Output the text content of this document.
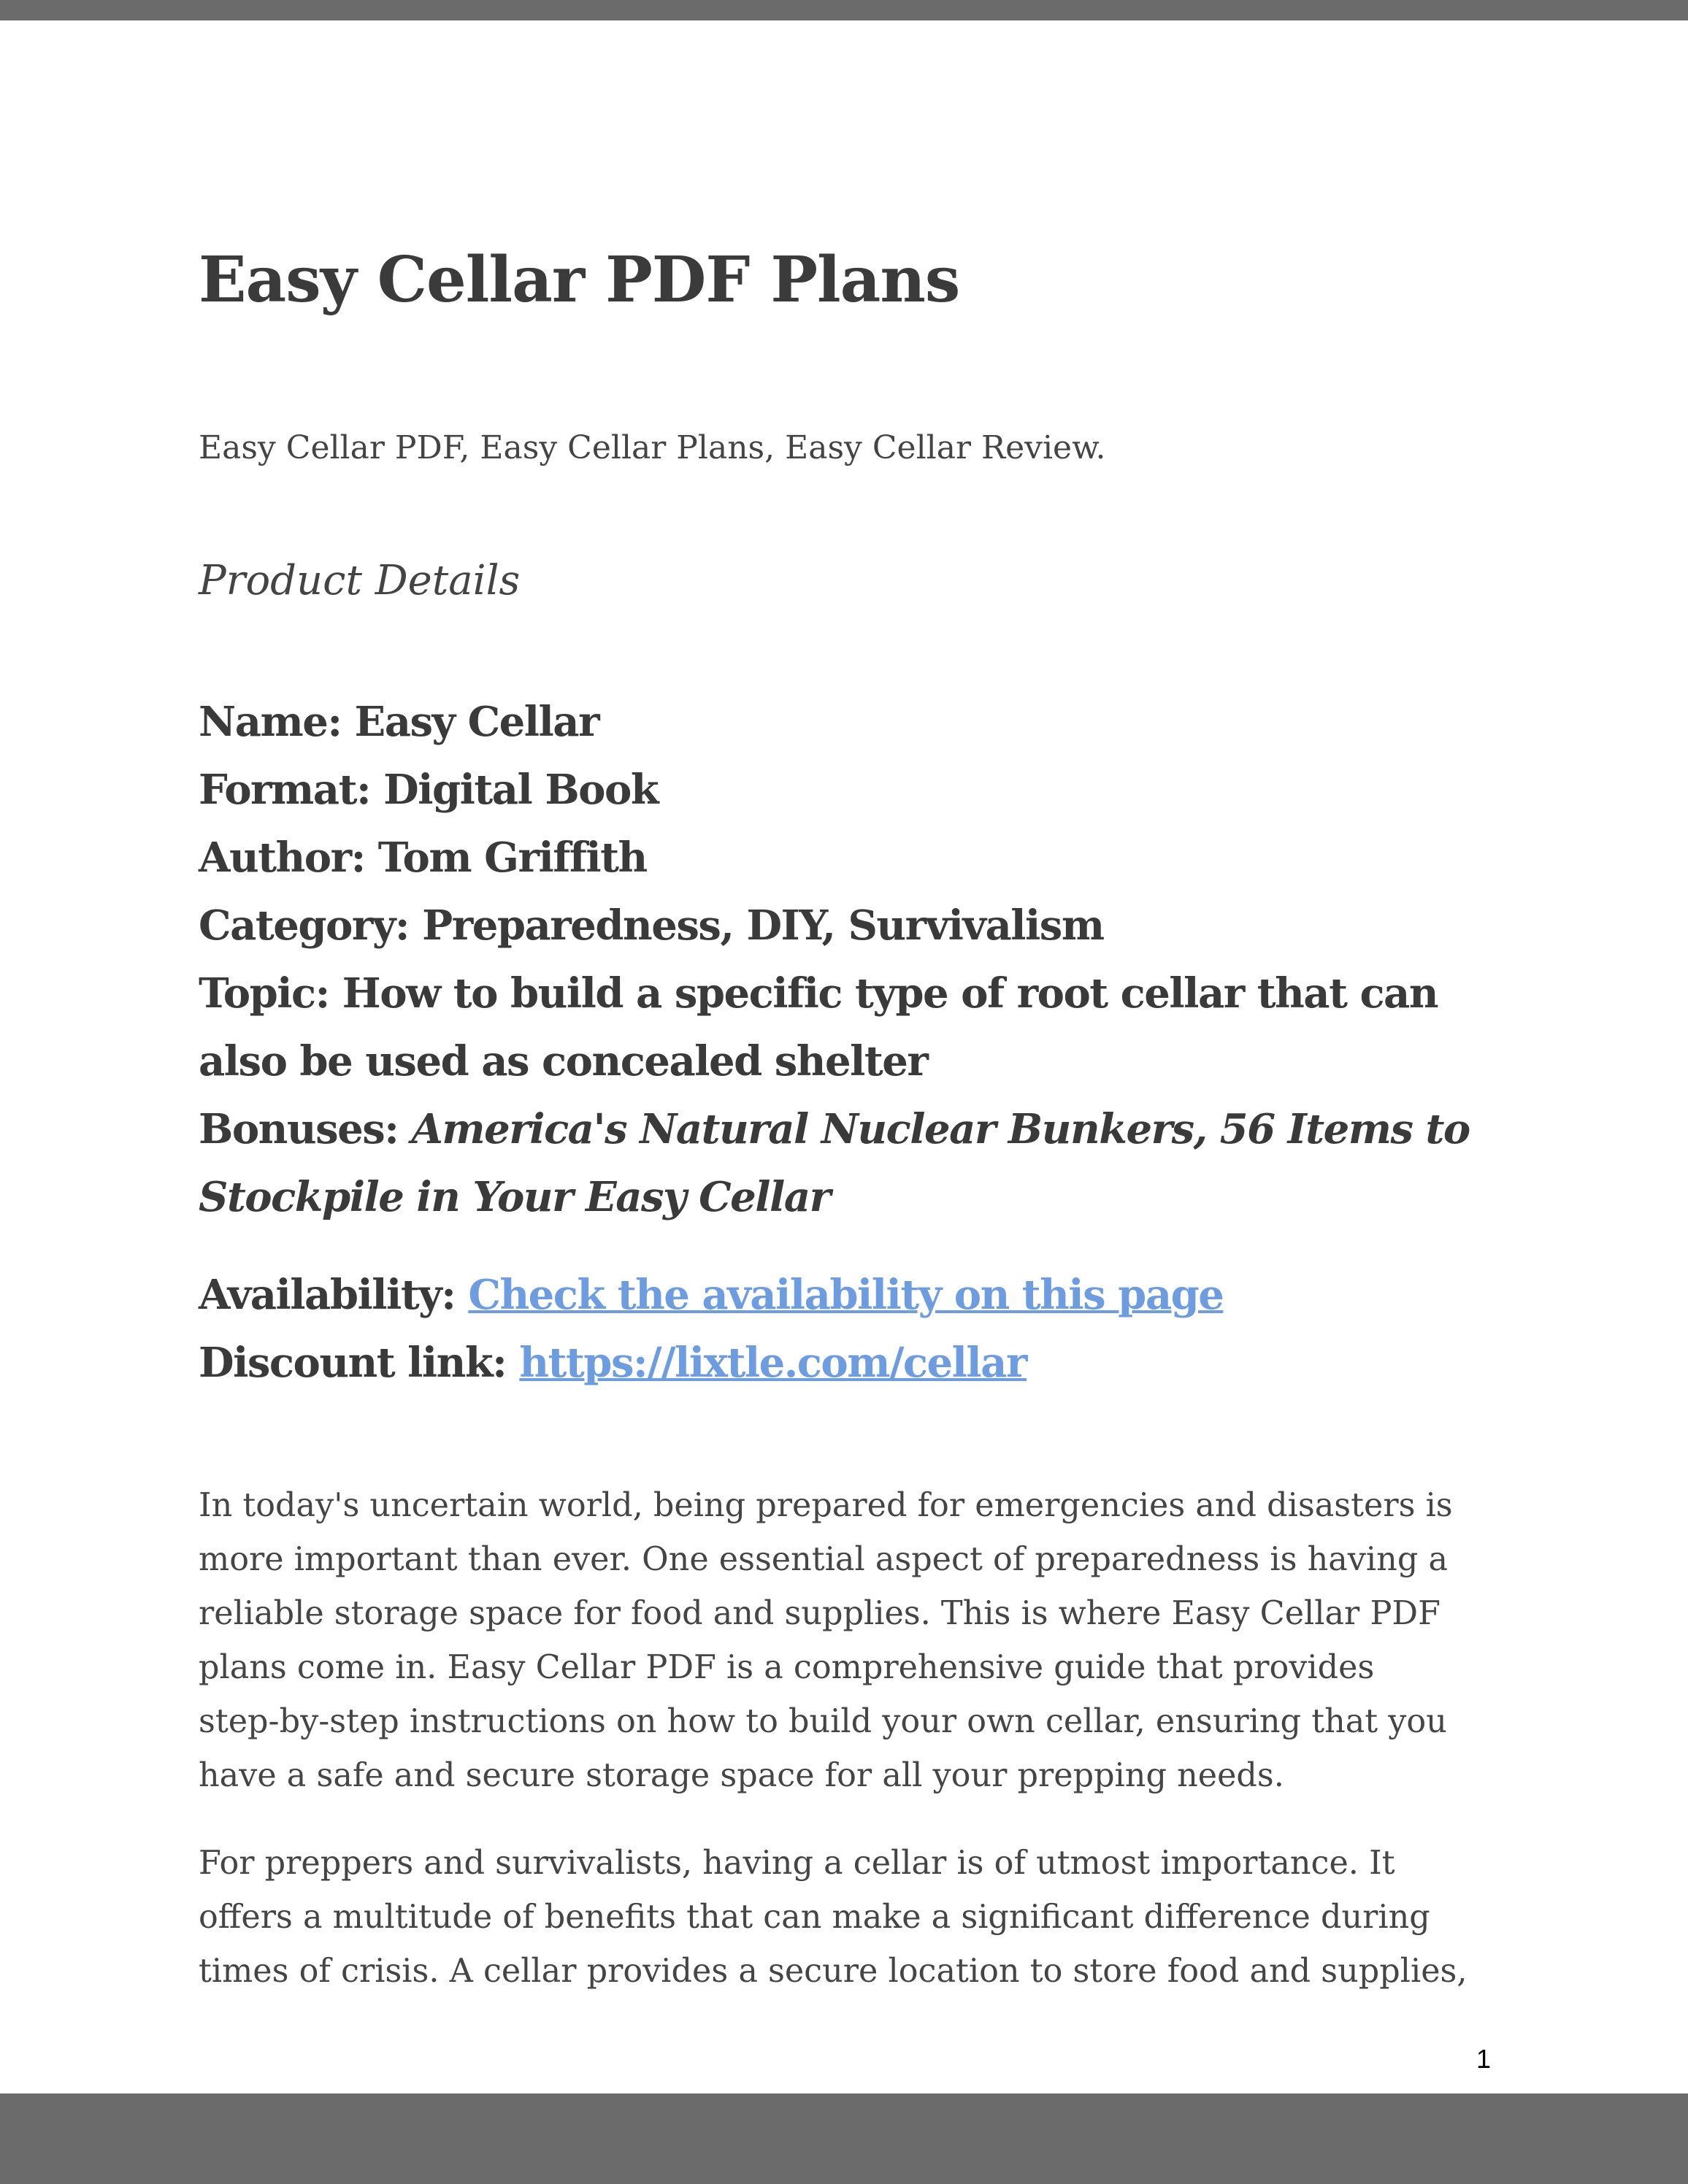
Easy Cellar PDF Plans

Easy Cellar PDF, Easy Cellar Plans, Easy Cellar Review.

Product Details

Name: Easy Cellar
Format: Digital Book
Author: Tom Griffith
Category: Preparedness, DIY, Survivalism
Topic: How to build a specific type of root cellar that can
also be used as concealed shelter
Bonuses: America's Natural Nuclear Bunkers, 56 Items to
Stockpile in Your Easy Cellar
Availability: Check the availability on this page
Discount link: https://lixtle.com/cellar
In today's uncertain world, being prepared for emergencies and disasters is
more important than ever. One essential aspect of preparedness is having a
reliable storage space for food and supplies. This is where Easy Cellar PDF
plans come in. Easy Cellar PDF is a comprehensive guide that provides
step-by-step instructions on how to build your own cellar, ensuring that you
have a safe and secure storage space for all your prepping needs.
For preppers and survivalists, having a cellar is of utmost importance. It
offers a multitude of benefits that can make a significant difference during
times of crisis. A cellar provides a secure location to store food and supplies,
1
